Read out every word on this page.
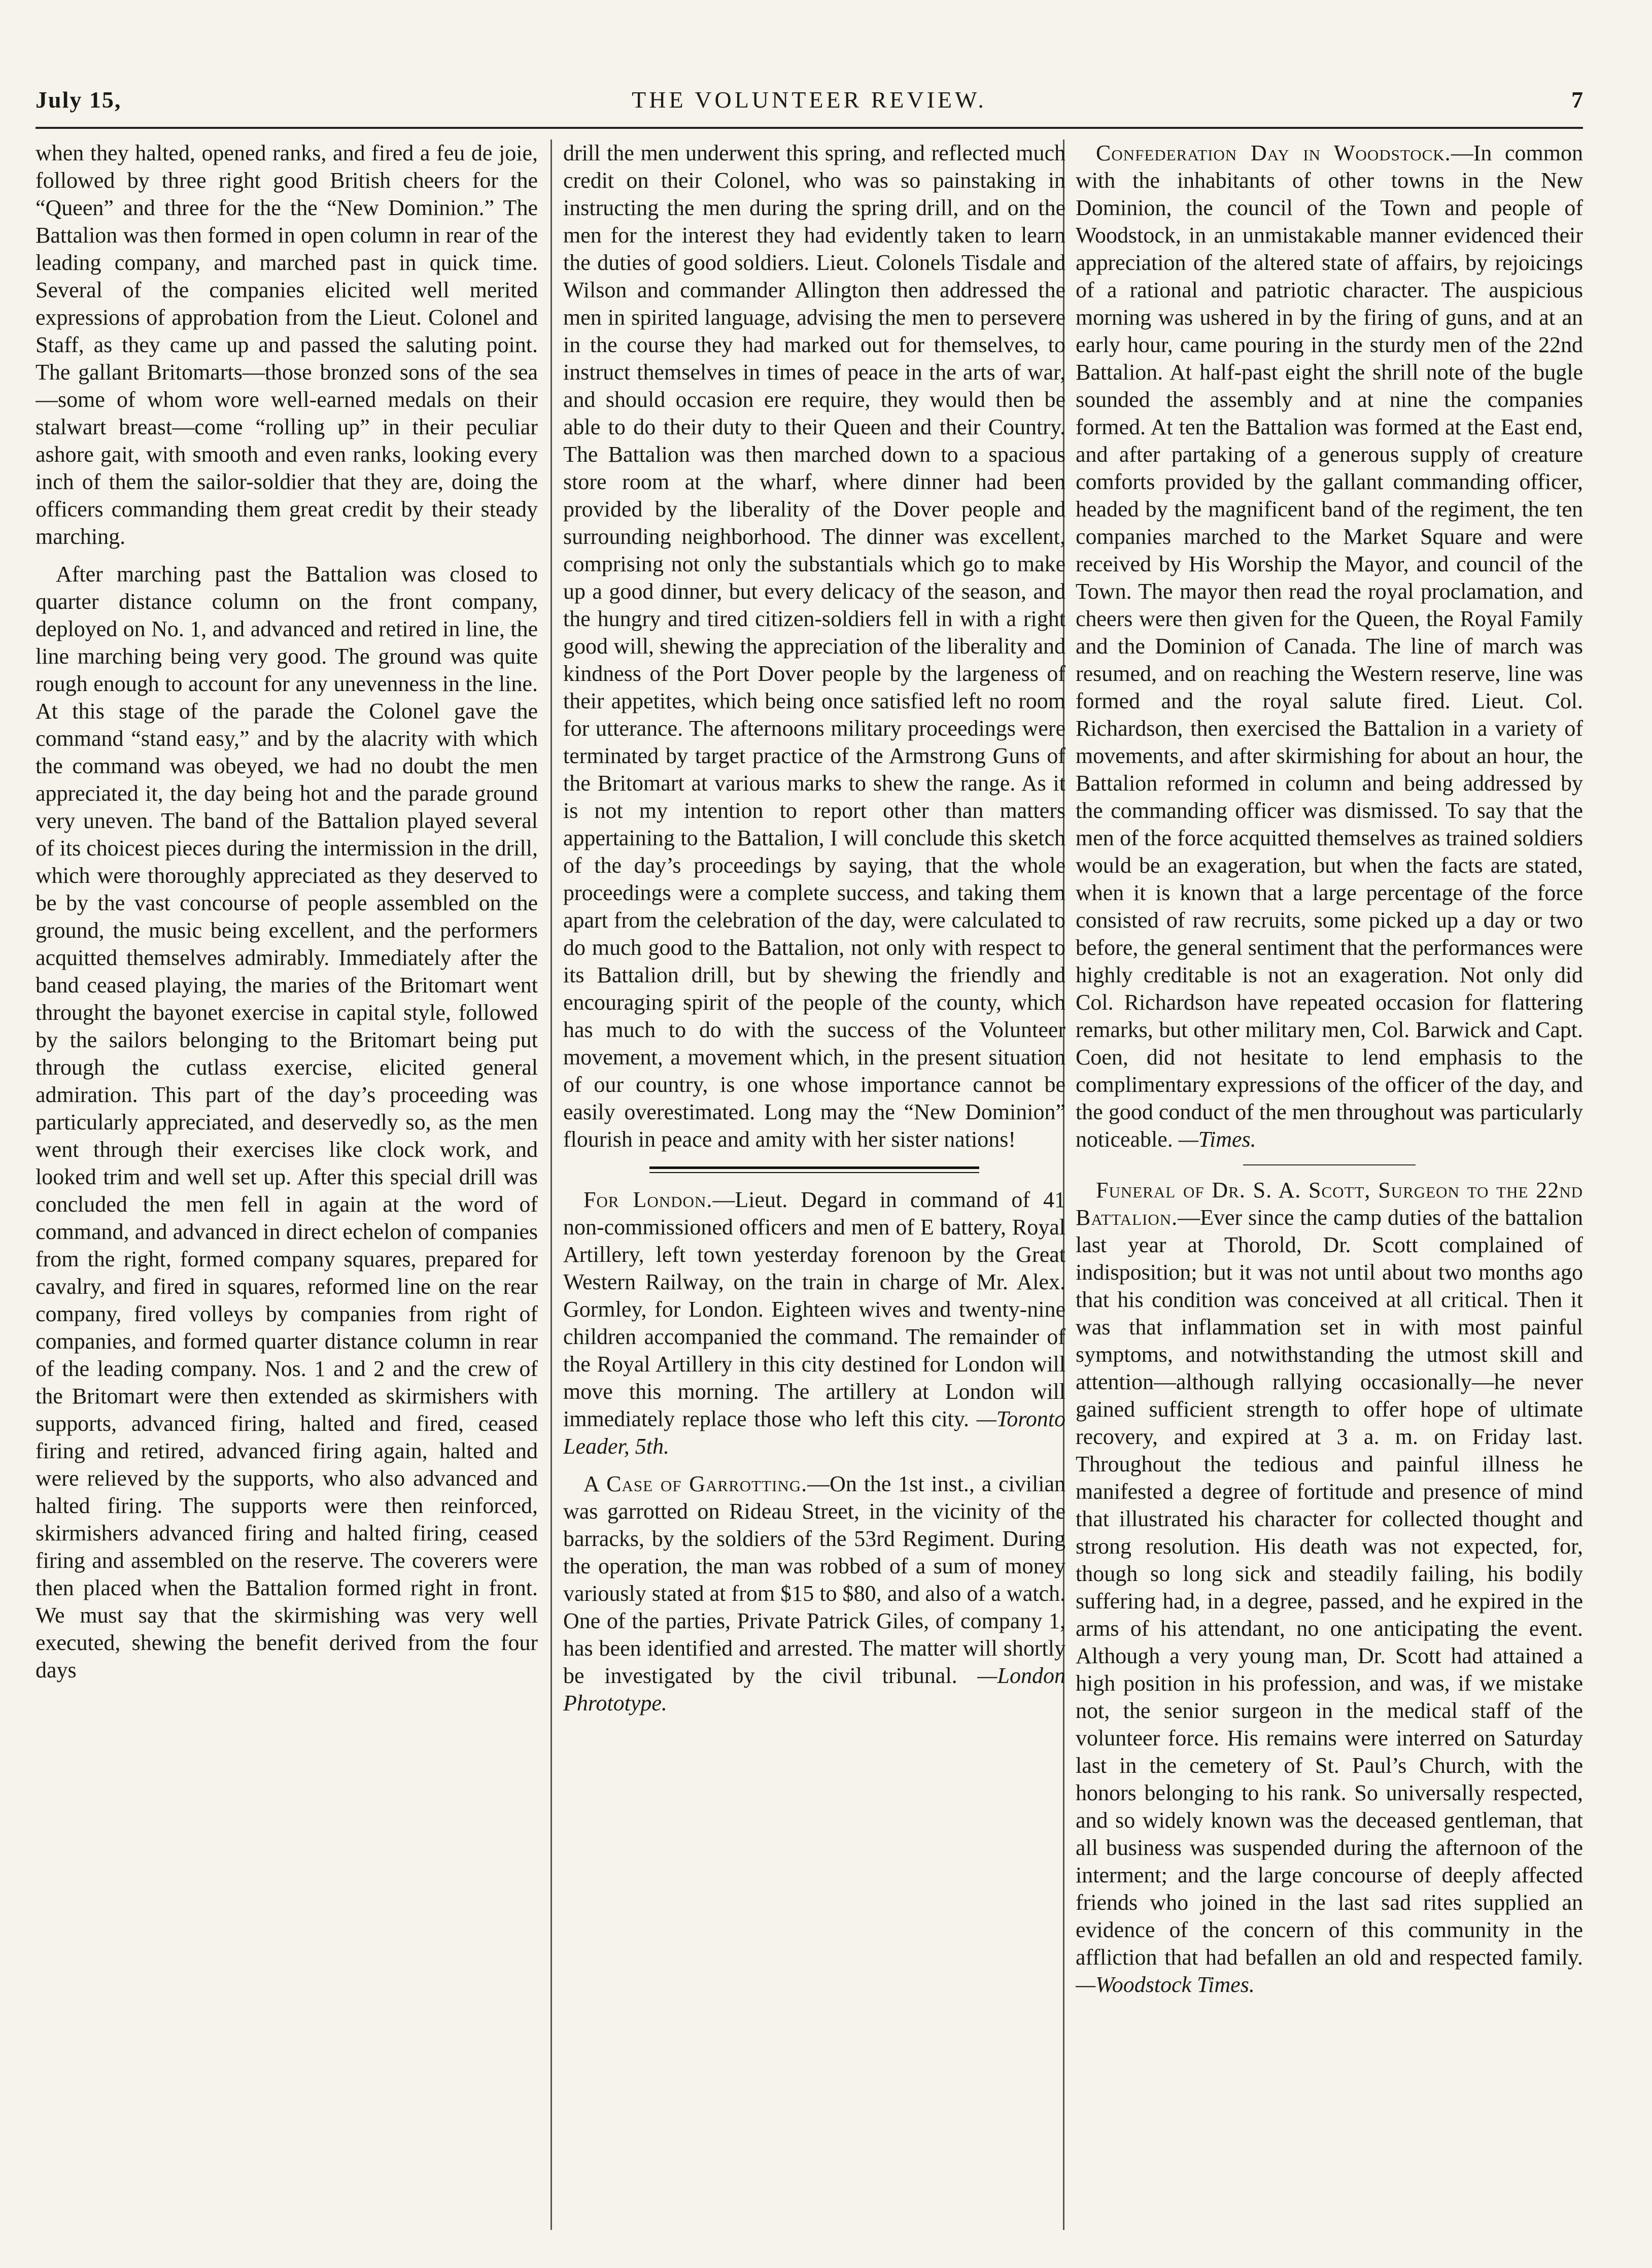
July 15,	THE VOLUNTEER REVIEW.	7

when they halted, opened ranks, and fired a feu de joie, followed by three right good British cheers for the “Queen” and three for the the “New Dominion.” The Battalion was then formed in open column in rear of the leading company, and marched past in quick time. Several of the companies elicited well merited expressions of approbation from the Lieut. Colonel and Staff, as they came up and passed the saluting point. The gallant Britomarts—those bronzed sons of the sea—some of whom wore well-earned medals on their stalwart breast—come “rolling up” in their peculiar ashore gait, with smooth and even ranks, looking every inch of them the sailor-soldier that they are, doing the officers commanding them great credit by their steady marching.

After marching past the Battalion was closed to quarter distance column on the front company, deployed on No. 1, and advanced and retired in line, the line marching being very good. The ground was quite rough enough to account for any unevenness in the line. At this stage of the parade the Colonel gave the command “stand easy,” and by the alacrity with which the command was obeyed, we had no doubt the men appreciated it, the day being hot and the parade ground very uneven. The band of the Battalion played several of its choicest pieces during the intermission in the drill, which were thoroughly appreciated as they deserved to be by the vast concourse of people assembled on the ground, the music being excellent, and the performers acquitted themselves admirably. Immediately after the band ceased playing, the maries of the Britomart went throught the bayonet exercise in capital style, followed by the sailors belonging to the Britomart being put through the cutlass exercise, elicited general admiration. This part of the day’s proceeding was particularly appreciated, and deservedly so, as the men went through their exercises like clock work, and looked trim and well set up. After this special drill was concluded the men fell in again at the word of command, and advanced in direct echelon of companies from the right, formed company squares, prepared for cavalry, and fired in squares, reformed line on the rear company, fired volleys by companies from right of companies, and formed quarter distance column in rear of the leading company. Nos. 1 and 2 and the crew of the Britomart were then extended as skirmishers with supports, advanced firing, halted and fired, ceased firing and retired, advanced firing again, halted and were relieved by the supports, who also advanced and halted firing. The supports were then reinforced, skirmishers advanced firing and halted firing, ceased firing and assembled on the reserve. The coverers were then placed when the Battalion formed right in front. We must say that the skirmishing was very well executed, shewing the benefit derived from the four days

drill the men underwent this spring, and reflected much credit on their Colonel, who was so painstaking in instructing the men during the spring drill, and on the men for the interest they had evidently taken to learn the duties of good soldiers. Lieut. Colonels Tisdale and Wilson and commander Allington then addressed the men in spirited language, advising the men to persevere in the course they had marked out for themselves, to instruct themselves in times of peace in the arts of war, and should occasion ere require, they would then be able to do their duty to their Queen and their Country. The Battalion was then marched down to a spacious store room at the wharf, where dinner had been provided by the liberality of the Dover people and surrounding neighborhood. The dinner was excellent, comprising not only the substantials which go to make up a good dinner, but every delicacy of the season, and the hungry and tired citizen-soldiers fell in with a right good will, shewing the appreciation of the liberality and kindness of the Port Dover people by the largeness of their appetites, which being once satisfied left no room for utterance. The afternoons military proceedings were terminated by target practice of the Armstrong Guns of the Britomart at various marks to shew the range. As it is not my intention to report other than matters appertaining to the Battalion, I will conclude this sketch of the day’s proceedings by saying, that the whole proceedings were a complete success, and taking them apart from the celebration of the day, were calculated to do much good to the Battalion, not only with respect to its Battalion drill, but by shewing the friendly and encouraging spirit of the people of the county, which has much to do with the success of the Volunteer movement, a movement which, in the present situation of our country, is one whose importance cannot be easily overestimated. Long may the “New Dominion” flourish in peace and amity with her sister nations!

For London.—Lieut. Degard in command of 41 non-commissioned officers and men of E battery, Royal Artillery, left town yesterday forenoon by the Great Western Railway, on the train in charge of Mr. Alex. Gormley, for London. Eighteen wives and twenty-nine children accompanied the command. The remainder of the Royal Artillery in this city destined for London will move this morning. The artillery at London will immediately replace those who left this city. —Toronto Leader, 5th.

A Case of Garrotting.—On the 1st inst., a civilian was garrotted on Rideau Street, in the vicinity of the barracks, by the soldiers of the 53rd Regiment. During the operation, the man was robbed of a sum of money variously stated at from $15 to $80, and also of a watch. One of the parties, Private Patrick Giles, of company 1, has been identified and arrested. The matter will shortly be investigated by the civil tribunal. —London Phrototype.

Confederation Day in Woodstock.—In common with the inhabitants of other towns in the New Dominion, the council of the Town and people of Woodstock, in an unmistakable manner evidenced their appreciation of the altered state of affairs, by rejoicings of a rational and patriotic character. The auspicious morning was ushered in by the firing of guns, and at an early hour, came pouring in the sturdy men of the 22nd Battalion. At half-past eight the shrill note of the bugle sounded the assembly and at nine the companies formed. At ten the Battalion was formed at the East end, and after partaking of a generous supply of creature comforts provided by the gallant commanding officer, headed by the magnificent band of the regiment, the ten companies marched to the Market Square and were received by His Worship the Mayor, and council of the Town. The mayor then read the royal proclamation, and cheers were then given for the Queen, the Royal Family and the Dominion of Canada. The line of march was resumed, and on reaching the Western reserve, line was formed and the royal salute fired. Lieut. Col. Richardson, then exercised the Battalion in a variety of movements, and after skirmishing for about an hour, the Battalion reformed in column and being addressed by the commanding officer was dismissed. To say that the men of the force acquitted themselves as trained soldiers would be an exageration, but when the facts are stated, when it is known that a large percentage of the force consisted of raw recruits, some picked up a day or two before, the general sentiment that the performances were highly creditable is not an exageration. Not only did Col. Richardson have repeated occasion for flattering remarks, but other military men, Col. Barwick and Capt. Coen, did not hesitate to lend emphasis to the complimentary expressions of the officer of the day, and the good conduct of the men throughout was particularly noticeable. —Times.

Funeral of Dr. S. A. Scott, Surgeon to the 22nd Battalion.—Ever since the camp duties of the battalion last year at Thorold, Dr. Scott complained of indisposition; but it was not until about two months ago that his condition was conceived at all critical. Then it was that inflammation set in with most painful symptoms, and notwithstanding the utmost skill and attention—although rallying occasionally—he never gained sufficient strength to offer hope of ultimate recovery, and expired at 3 a. m. on Friday last. Throughout the tedious and painful illness he manifested a degree of fortitude and presence of mind that illustrated his character for collected thought and strong resolution. His death was not expected, for, though so long sick and steadily failing, his bodily suffering had, in a degree, passed, and he expired in the arms of his attendant, no one anticipating the event. Although a very young man, Dr. Scott had attained a high position in his profession, and was, if we mistake not, the senior surgeon in the medical staff of the volunteer force. His remains were interred on Saturday last in the cemetery of St. Paul’s Church, with the honors belonging to his rank. So universally respected, and so widely known was the deceased gentleman, that all business was suspended during the afternoon of the interment; and the large concourse of deeply affected friends who joined in the last sad rites supplied an evidence of the concern of this community in the affliction that had befallen an old and respected family. —Woodstock Times.
